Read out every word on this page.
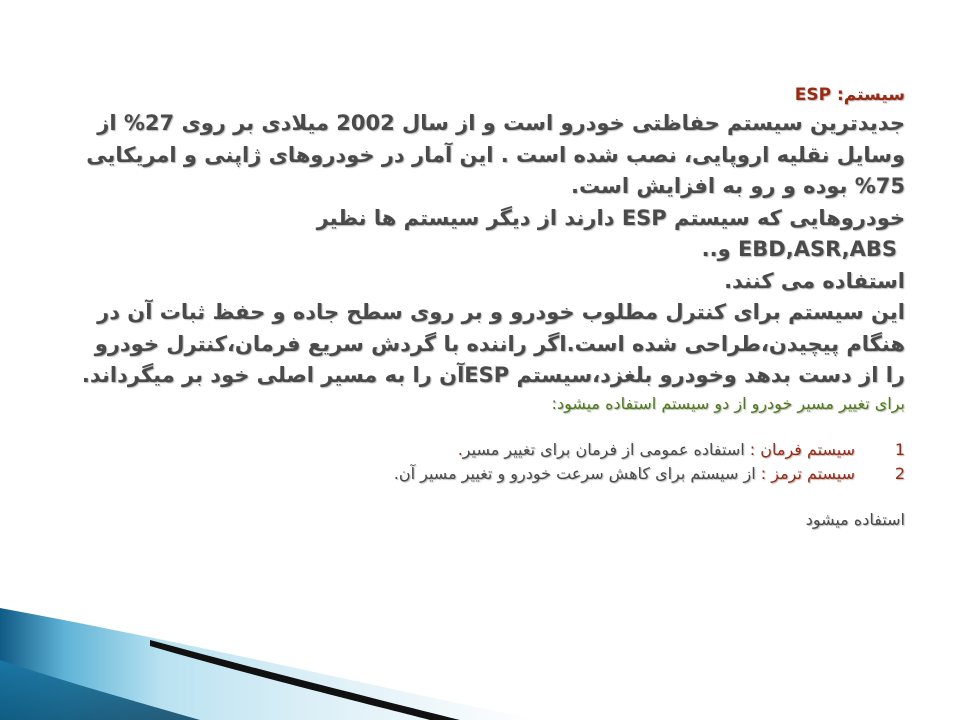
سیستم: ESP

جدیدترین سیستم حفاظتی خودرو است و از سال 2002 میلادی بر روی 27% از وسایل نقلیه اروپایی، نصب شده است . این آمار در خودروهای ژاپنی و امریکایی 75% بوده و رو به افزایش است.

خودروهایی که سیستم ESP دارند از دیگر سیستم ها نظیر

EBD,ASR,ABS و..

استفاده می کنند.

این سیستم برای کنترل مطلوب خودرو و بر روی سطح جاده و حفظ ثبات آن در هنگام پیچیدن،طراحی شده است.اگر راننده با گردش سریع فرمان،کنترل خودرو را از دست بدهد وخودرو بلغزد،سیستم ESPآن را به مسیر اصلی خود بر میگرداند.

برای تغییر مسیر خودرو از دو سیستم استفاده میشود:

1
سیستم فرمان :

استفاده عمومی از فرمان برای تغییر مسیر
.
2
سیستم ترمز :

از سیستم برای کاهش سرعت خودرو و تغییر مسیر آن
.

استفاده میشود
